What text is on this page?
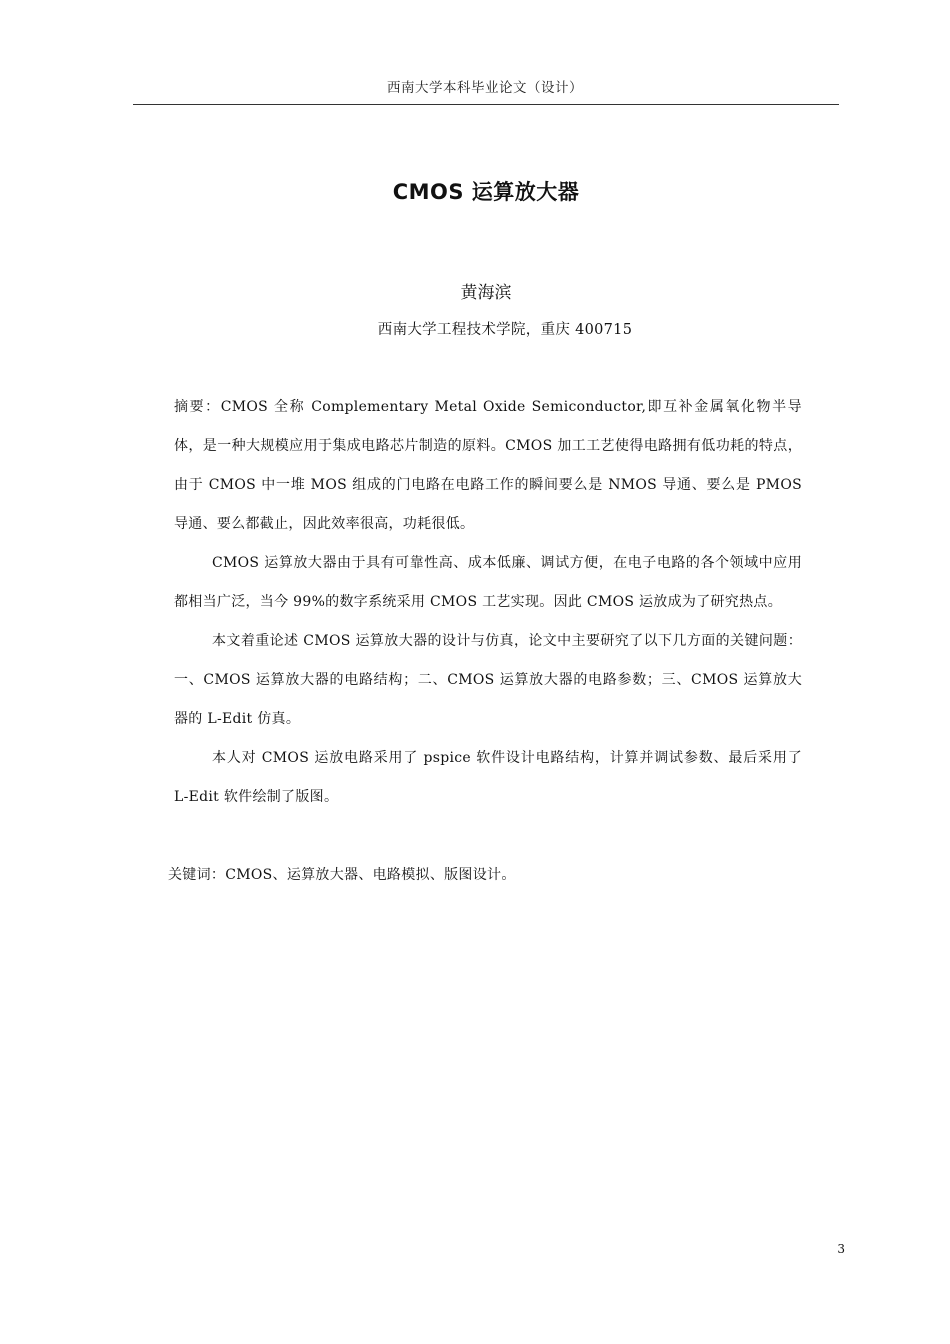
西南大学本科毕业论文（设计）
CMOS 运算放大器
黄海滨
西南大学工程技术学院，重庆 400715

摘要：CMOS 全称 Complementary Metal Oxide Semiconductor,即互补金属氧化物半导体，是一种大规模应用于集成电路芯片制造的原料。CMOS 加工工艺使得电路拥有低功耗的特点，由于 CMOS 中一堆 MOS 组成的门电路在电路工作的瞬间要么是 NMOS 导通、要么是 PMOS 导通、要么都截止，因此效率很高，功耗很低。

CMOS 运算放大器由于具有可靠性高、成本低廉、调试方便，在电子电路的各个领域中应用都相当广泛，当今 99%的数字系统采用 CMOS 工艺实现。因此 CMOS 运放成为了研究热点。

本文着重论述 CMOS 运算放大器的设计与仿真，论文中主要研究了以下几方面的关键问题：一、CMOS 运算放大器的电路结构；二、CMOS 运算放大器的电路参数；三、CMOS 运算放大器的 L-Edit 仿真。

本人对 CMOS 运放电路采用了 pspice 软件设计电路结构，计算并调试参数、最后采用了 L-Edit 软件绘制了版图。

关键词：CMOS、运算放大器、电路模拟、版图设计。
3
